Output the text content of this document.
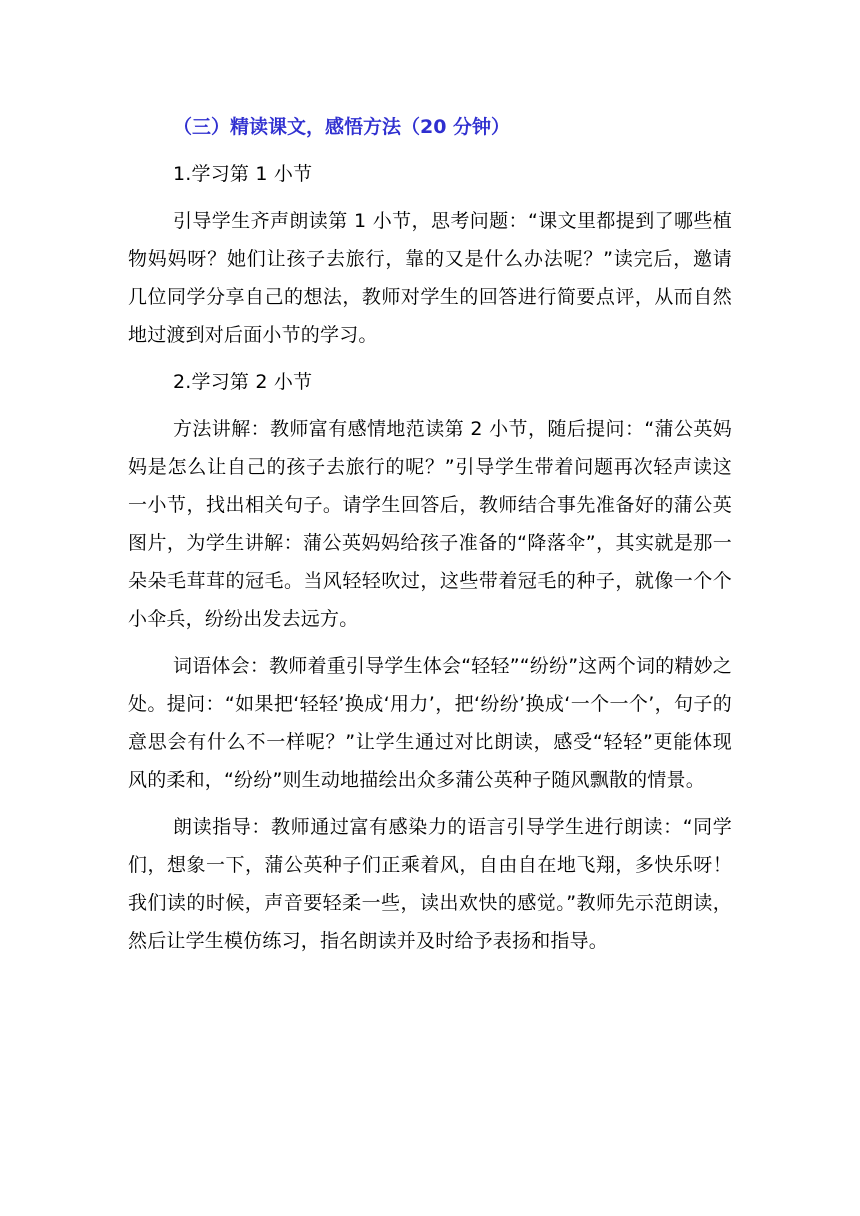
（三）精读课文，感悟方法（20 分钟）

1.学习第 1 小节

引导学生齐声朗读第 1 小节，思考问题：“课文里都提到了哪些植物妈妈呀？她们让孩子去旅行，靠的又是什么办法呢？”读完后，邀请几位同学分享自己的想法，教师对学生的回答进行简要点评，从而自然地过渡到对后面小节的学习。

2.学习第 2 小节

方法讲解：教师富有感情地范读第 2 小节，随后提问：“蒲公英妈妈是怎么让自己的孩子去旅行的呢？”引导学生带着问题再次轻声读这一小节，找出相关句子。请学生回答后，教师结合事先准备好的蒲公英图片，为学生讲解：蒲公英妈妈给孩子准备的“降落伞”，其实就是那一朵朵毛茸茸的冠毛。当风轻轻吹过，这些带着冠毛的种子，就像一个个小伞兵，纷纷出发去远方。

词语体会：教师着重引导学生体会“轻轻”“纷纷”这两个词的精妙之处。提问：“如果把‘轻轻’换成‘用力’，把‘纷纷’换成‘一个一个’，句子的意思会有什么不一样呢？”让学生通过对比朗读，感受“轻轻”更能体现风的柔和，“纷纷”则生动地描绘出众多蒲公英种子随风飘散的情景。

朗读指导：教师通过富有感染力的语言引导学生进行朗读：“同学们，想象一下，蒲公英种子们正乘着风，自由自在地飞翔，多快乐呀！我们读的时候，声音要轻柔一些，读出欢快的感觉。”教师先示范朗读，然后让学生模仿练习，指名朗读并及时给予表扬和指导。
